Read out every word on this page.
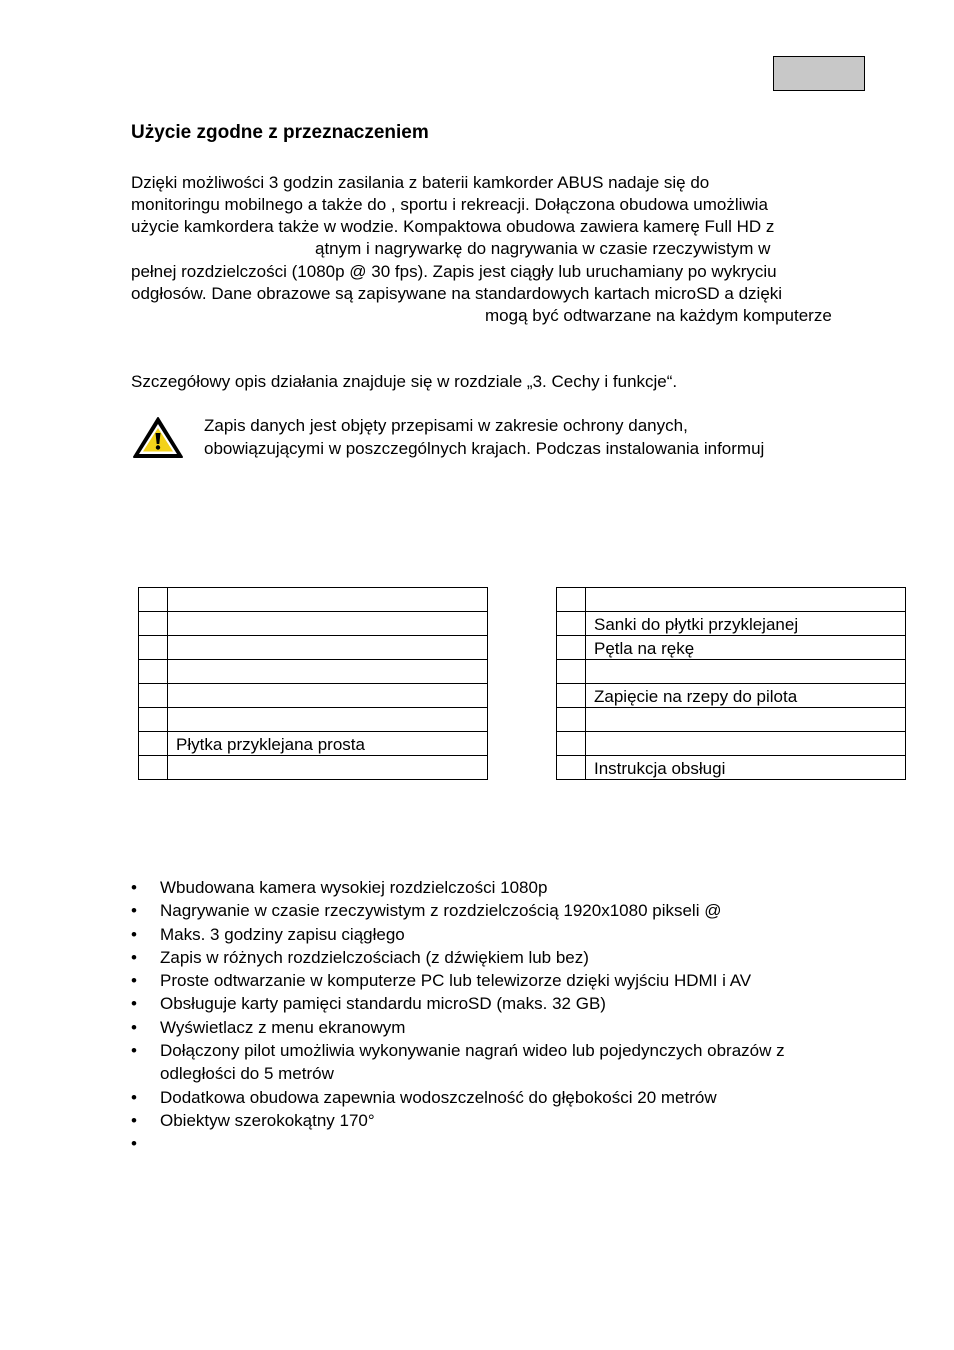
Użycie zgodne z przeznaczeniem
Dzięki możliwości 3 godzin zasilania z baterii kamkorder ABUS nadaje się do
monitoringu mobilnego a także do , sportu i rekreacji. Dołączona obudowa umożliwia
użycie kamkordera także w wodzie. Kompaktowa obudowa zawiera kamerę Full HD z
ątnym i nagrywarkę do nagrywania w czasie rzeczywistym w
pełnej rozdzielczości (1080p @ 30 fps). Zapis jest ciągły lub uruchamiany po wykryciu
odgłosów. Dane obrazowe są zapisywane na standardowych kartach microSD a dzięki
mogą być odtwarzane na każdym komputerze
Szczegółowy opis działania znajduje się w rozdziale „3. Cechy i funkcje“.
Zapis danych jest objęty przepisami w zakresie ochrony danych,
obowiązującymi w poszczególnych krajach. Podczas instalowania informuj

	Płytka przyklejana prosta

	Sanki do płytki przyklejanej
	Pętla na rękę

	Zapięcie na rzepy do pilota

	Instrukcja obsługi
• Wbudowana kamera wysokiej rozdzielczości 1080p
• Nagrywanie w czasie rzeczywistym z rozdzielczością 1920x1080 pikseli @
• Maks. 3 godziny zapisu ciągłego
• Zapis w różnych rozdzielczościach (z dźwiękiem lub bez)
• Proste odtwarzanie w komputerze PC lub telewizorze dzięki wyjściu HDMI i AV
• Obsługuje karty pamięci standardu microSD (maks. 32 GB)
• Wyświetlacz z menu ekranowym
• Dołączony pilot umożliwia wykonywanie nagrań wideo lub pojedynczych obrazów z
odległości do 5 metrów
• Dodatkowa obudowa zapewnia wodoszczelność do głębokości 20 metrów
• Obiektyw szerokokątny 170°
•
